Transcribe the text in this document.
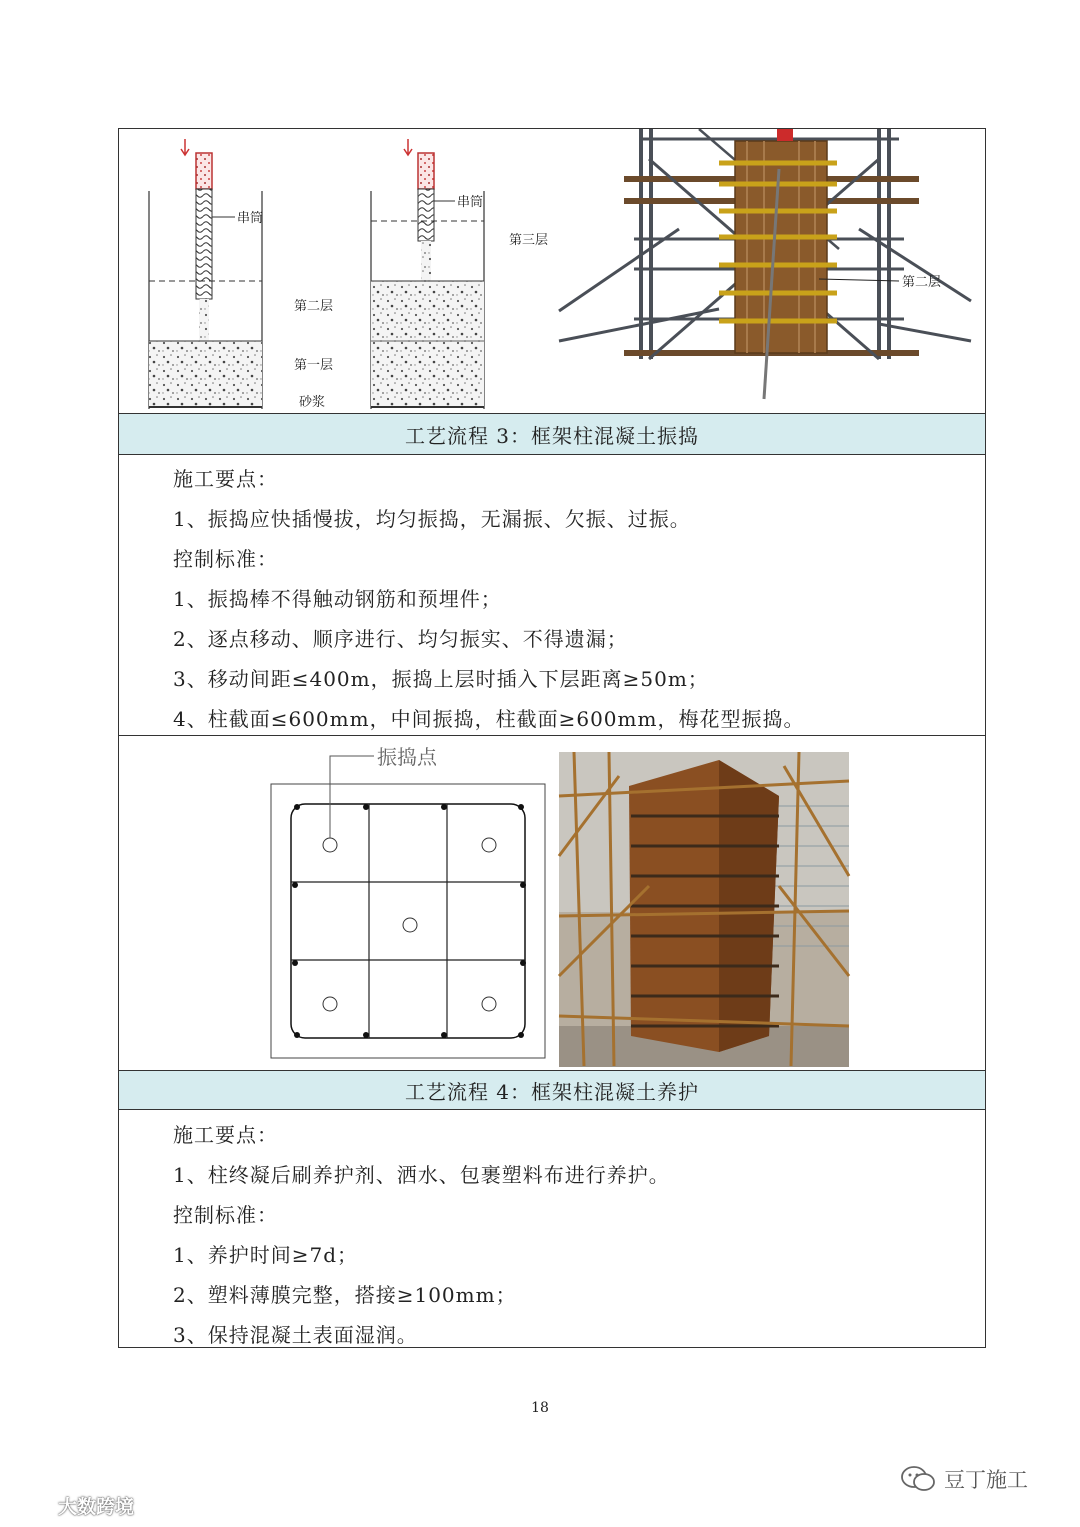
串筒
第二层
第一层
砂浆
串筒
第三层
第二层
工艺流程 3：框架柱混凝土振捣
施工要点：
1、振捣应快插慢拔，均匀振捣，无漏振、欠振、过振。
控制标准：
1、振捣棒不得触动钢筋和预埋件；
2、逐点移动、顺序进行、均匀振实、不得遗漏；
3、移动间距≤400m，振捣上层时插入下层距离≥50m；
4、柱截面≤600mm，中间振捣，柱截面≥600mm，梅花型振捣。
振捣点
工艺流程 4：框架柱混凝土养护
施工要点：
1、柱终凝后刷养护剂、洒水、包裹塑料布进行养护。
控制标准：
1、养护时间≥7d；
2、塑料薄膜完整，搭接≥100mm；
3、保持混凝土表面湿润。
18
豆丁施工
大数跨境
